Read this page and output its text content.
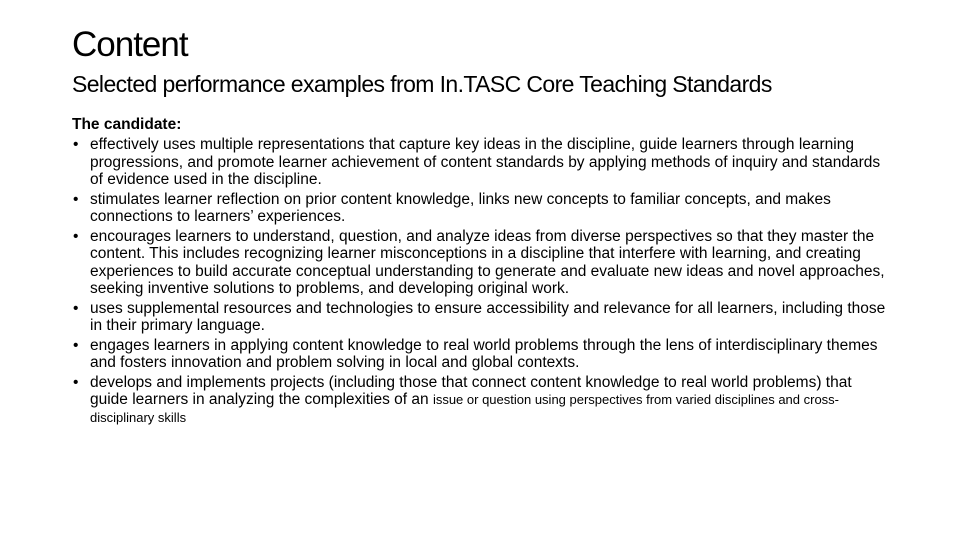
Content
Selected performance examples from In.TASC Core Teaching Standards
The candidate:
• effectively uses multiple representations that capture key ideas in the discipline, guide learners through learning progressions, and promote learner achievement of content standards by applying methods of inquiry and standards of evidence used in the discipline.
• stimulates learner reflection on prior content knowledge, links new concepts to familiar concepts, and makes connections to learners’ experiences.
• encourages learners to understand, question, and analyze ideas from diverse perspectives so that they master the content. This includes recognizing learner misconceptions in a discipline that interfere with learning, and creating experiences to build accurate conceptual understanding to generate and evaluate new ideas and novel approaches, seeking inventive solutions to problems, and developing original work.
• uses supplemental resources and technologies to ensure accessibility and relevance for all learners, including those in their primary language.
• engages learners in applying content knowledge to real world problems through the lens of interdisciplinary themes and fosters innovation and problem solving in local and global contexts.
• develops and implements projects (including those that connect content knowledge to real world problems) that guide learners in analyzing the complexities of an issue or question using perspectives from varied disciplines and cross-disciplinary skills
